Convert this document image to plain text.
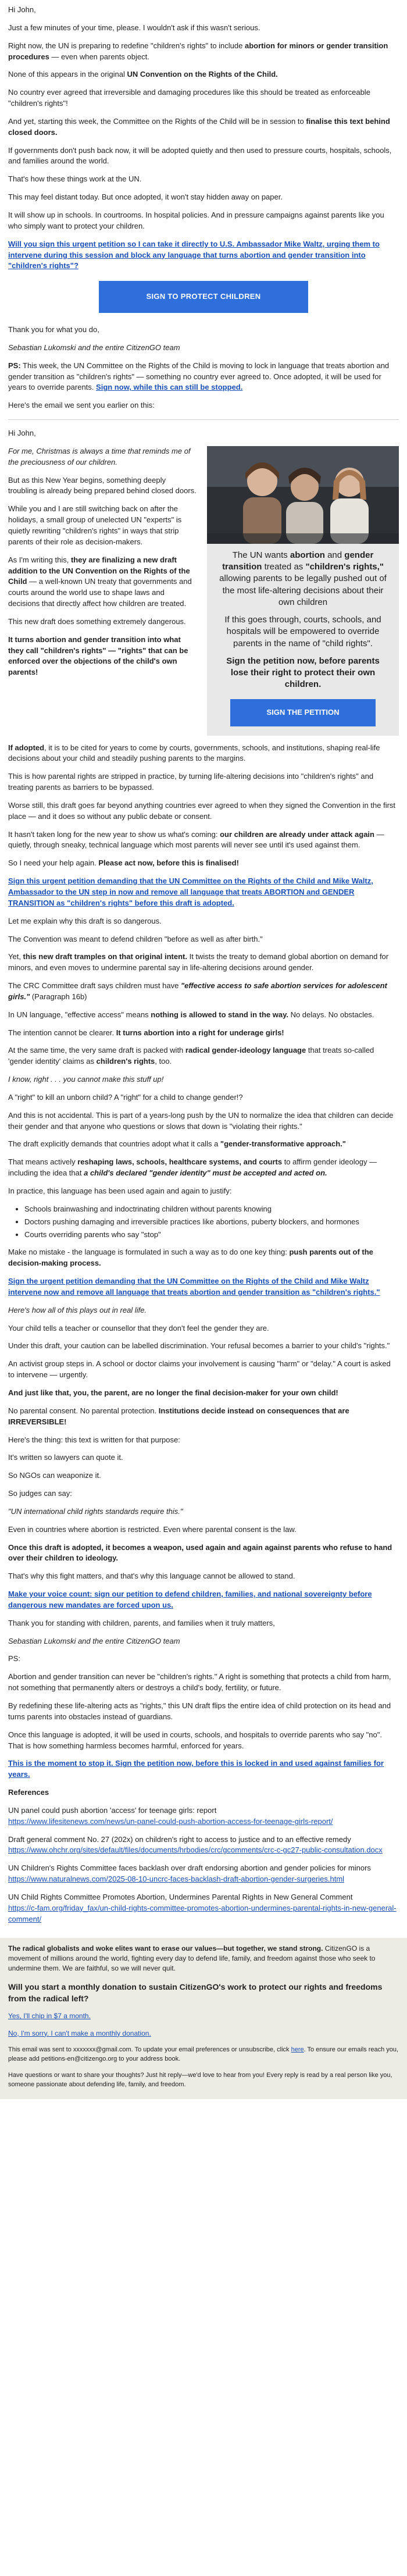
Hi John,

Just a few minutes of your time, please. I wouldn't ask if this wasn't serious.

Right now, the UN is preparing to redefine "children's rights" to include abortion for minors or gender transition procedures — even when parents object.

None of this appears in the original UN Convention on the Rights of the Child.

No country ever agreed that irreversible and damaging procedures like this should be treated as enforceable "children's rights"!

And yet, starting this week, the Committee on the Rights of the Child will be in session to finalise this text behind closed doors.

If governments don't push back now, it will be adopted quietly and then used to pressure courts, hospitals, schools, and families around the world.

That's how these things work at the UN.

This may feel distant today. But once adopted, it won't stay hidden away on paper.

It will show up in schools. In courtrooms. In hospital policies. And in pressure campaigns against parents like you who simply want to protect your children.

Will you sign this urgent petition so I can take it directly to U.S. Ambassador Mike Waltz, urging them to intervene during this session and block any language that turns abortion and gender transition into "children's rights"?

SIGN TO PROTECT CHILDREN

Thank you for what you do,

Sebastian Lukomski and the entire CitizenGO team

PS: This week, the UN Committee on the Rights of the Child is moving to lock in language that treats abortion and gender transition as "children's rights" — something no country ever agreed to. Once adopted, it will be used for years to override parents. Sign now, while this can still be stopped.

Here's the email we sent you earlier on this:

Hi John,

The UN wants abortion and gender transition treated as "children's rights," allowing parents to be legally pushed out of the most life-altering decisions about their own children

If this goes through, courts, schools, and hospitals will be empowered to override parents in the name of "child rights".

Sign the petition now, before parents lose their right to protect their own children.

SIGN THE PETITION

For me, Christmas is always a time that reminds me of the preciousness of our children.

But as this New Year begins, something deeply troubling is already being prepared behind closed doors.

While you and I are still switching back on after the holidays, a small group of unelected UN "experts" is quietly rewriting "children's rights" in ways that strip parents of their role as decision-makers.

As I'm writing this, they are finalizing a new draft addition to the UN Convention on the Rights of the Child — a well-known UN treaty that governments and courts around the world use to shape laws and decisions that directly affect how children are treated.

This new draft does something extremely dangerous.

It turns abortion and gender transition into what they call "children's rights" — "rights" that can be enforced over the objections of the child's own parents!

If adopted, it is to be cited for years to come by courts, governments, schools, and institutions, shaping real-life decisions about your child and steadily pushing parents to the margins.

This is how parental rights are stripped in practice, by turning life-altering decisions into "children's rights" and treating parents as barriers to be bypassed.

Worse still, this draft goes far beyond anything countries ever agreed to when they signed the Convention in the first place — and it does so without any public debate or consent.

It hasn't taken long for the new year to show us what's coming: our children are already under attack again — quietly, through sneaky, technical language which most parents will never see until it's used against them.

So I need your help again. Please act now, before this is finalised!

Sign this urgent petition demanding that the UN Committee on the Rights of the Child and Mike Waltz, Ambassador to the UN step in now and remove all language that treats ABORTION and GENDER TRANSITION as "children's rights" before this draft is adopted.

Let me explain why this draft is so dangerous.

The Convention was meant to defend children "before as well as after birth."

Yet, this new draft tramples on that original intent. It twists the treaty to demand global abortion on demand for minors, and even moves to undermine parental say in life-altering decisions around gender.

The CRC Committee draft says children must have "effective access to safe abortion services for adolescent girls." (Paragraph 16b)

In UN language, "effective access" means nothing is allowed to stand in the way. No delays. No obstacles.

The intention cannot be clearer. It turns abortion into a right for underage girls!

At the same time, the very same draft is packed with radical gender-ideology language that treats so-called 'gender identity' claims as children's rights, too.

I know, right . . . you cannot make this stuff up!

A "right" to kill an unborn child? A "right" for a child to change gender!?

And this is not accidental. This is part of a years-long push by the UN to normalize the idea that children can decide their gender and that anyone who questions or slows that down is "violating their rights."

The draft explicitly demands that countries adopt what it calls a "gender-transformative approach."

That means actively reshaping laws, schools, healthcare systems, and courts to affirm gender ideology — including the idea that a child's declared "gender identity" must be accepted and acted on.

In practice, this language has been used again and again to justify:

• Schools brainwashing and indoctrinating children without parents knowing
• Doctors pushing damaging and irreversible practices like abortions, puberty blockers, and hormones
• Courts overriding parents who say "stop"

Make no mistake - the language is formulated in such a way as to do one key thing: push parents out of the decision-making process.

Sign the urgent petition demanding that the UN Committee on the Rights of the Child and Mike Waltz intervene now and remove all language that treats abortion and gender transition as "children's rights."

Here's how all of this plays out in real life.

Your child tells a teacher or counsellor that they don't feel the gender they are.

Under this draft, your caution can be labelled discrimination. Your refusal becomes a barrier to your child's "rights."

An activist group steps in. A school or doctor claims your involvement is causing "harm" or "delay." A court is asked to intervene — urgently.

And just like that, you, the parent, are no longer the final decision-maker for your own child!

No parental consent. No parental protection. Institutions decide instead on consequences that are IRREVERSIBLE!

Here's the thing: this text is written for that purpose:

It's written so lawyers can quote it.

So NGOs can weaponize it.

So judges can say:

"UN international child rights standards require this."

Even in countries where abortion is restricted. Even where parental consent is the law.

Once this draft is adopted, it becomes a weapon, used again and again against parents who refuse to hand over their children to ideology.

That's why this fight matters, and that's why this language cannot be allowed to stand.

Make your voice count: sign our petition to defend children, families, and national sovereignty before dangerous new mandates are forced upon us.

Thank you for standing with children, parents, and families when it truly matters,

Sebastian Lukomski and the entire CitizenGO team

PS:

Abortion and gender transition can never be "children's rights." A right is something that protects a child from harm, not something that permanently alters or destroys a child's body, fertility, or future.

By redefining these life-altering acts as "rights," this UN draft flips the entire idea of child protection on its head and turns parents into obstacles instead of guardians.

Once this language is adopted, it will be used in courts, schools, and hospitals to override parents who say "no". That is how something harmless becomes harmful, enforced for years.

This is the moment to stop it. Sign the petition now, before this is locked in and used against families for years.

References

UN panel could push abortion 'access' for teenage girls: report
https://www.lifesitenews.com/news/un-panel-could-push-abortion-access-for-teenage-girls-report/

Draft general comment No. 27 (202x) on children's right to access to justice and to an effective remedy
https://www.ohchr.org/sites/default/files/documents/hrbodies/crc/gcomments/crc-c-gc27-public-consultation.docx

UN Children's Rights Committee faces backlash over draft endorsing abortion and gender policies for minors
https://www.naturalnews.com/2025-08-10-uncrc-faces-backlash-draft-abortion-gender-surgeries.html

UN Child Rights Committee Promotes Abortion, Undermines Parental Rights in New General Comment
https://c-fam.org/friday_fax/un-child-rights-committee-promotes-abortion-undermines-parental-rights-in-new-general-comment/

The radical globalists and woke elites want to erase our values—but together, we stand strong. CitizenGO is a movement of millions around the world, fighting every day to defend life, family, and freedom against those who seek to undermine them. We are faithful, so we will never quit.

Will you start a monthly donation to sustain CitizenGO's work to protect our rights and freedoms from the radical left?

Yes, I'll chip in $7 a month.

No, I'm sorry. I can't make a monthly donation.

This email was sent to xxxxxxx@gmail.com. To update your email preferences or unsubscribe, click here. To ensure our emails reach you, please add petitions-en@citizengo.org to your address book.

Have questions or want to share your thoughts? Just hit reply—we'd love to hear from you! Every reply is read by a real person like you, someone passionate about defending life, family, and freedom.
